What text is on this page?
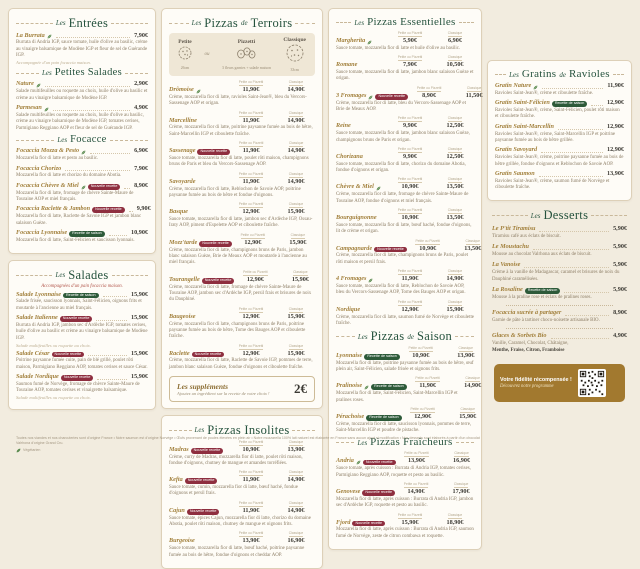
Les Entrées
La Burrata	7,90€
Burrata di Andria IGP, sauce tomate, huile d'olive au basilic, crème au vinaigre balsamique de Modène IGP et fleur de sel de Guérande IGP.
Accompagnée d'un pain focaccia maison.
Les Petites Salades
Nature	2,90€
Salade multifeuilles ou roquette au choix, huile d'olive au basilic et crème au vinaigre balsamique de Modène IGP.
Parmesan	4,90€
Salade multifeuilles ou roquette au choix, huile d'olive au basilic, crème au vinaigre balsamique de Modène IGP, tomates cerises, Parmigiano Reggiano AOP et fleur de sel de Guérande IGP.
Les Focacce
Focaccia Mozza & Pesto	6,90€
Mozzarella fior di latte et pesto au basilic.
Focaccia Chorizo	7,90€
Mozzarella fior di latte et chorizo du domaine Abotia.
Focaccia Chèvre & Miel	Nouvelle recette	8,90€
Mozzarella fior di latte, fromage de chèvre Sainte-Maure de Touraine AOP et miel français.
Focaccia Raclette & Jambon	Nouvelle recette	9,90€
Mozzarella fior di latte, Raclette de Savoie IGP et jambon blanc salaison Guèze.
Focaccia Lyonnaise	Recette de saison	10,90€
Mozzarella fior di latte, Saint-Félicien et saucisson lyonnais.
Les Salades
Accompagnées d'un pain focaccia maison.
Salade Lyonnaise	Recette de saison	15,90€
Salade frisée, saucisson lyonnais, Saint-Félicien, oignons frits et moutarde à l'ancienne au miel français.
Salade Italienne	Nouvelle recette	15,90€
Burrata di Andria IGP, jambon sec d'Ardèche IGP, tomates cerises, huile d'olive au basilic et crème au vinaigre balsamique de Modène IGP.
Salade multifeuilles ou roquette au choix.
Salade César	Nouvelle recette	15,90€
Poitrine paysanne fumée cuite, pain de blé grillé, poulet rôti maison, Parmigiano Reggiano AOP, tomates cerises et sauce César.
Salade Nordique	Nouvelle recette	15,90€
Saumon fumé de Norvège, fromage de chèvre Sainte-Maure de Touraine AOP, tomates cerises et vinaigrette balsamique.
Salade multifeuilles ou roquette au choix.
Les Pizzas de Terroirs
Petite
26cm
ou
Pizzetti
3 fleurs garnies + salade maison
Classique
33cm
Drômoise
Petite ou Pizzetti
11,90€
Classique
14,90€
Crème, mozzarella fior di latte, ravioles Saint-Jean®, bleu du Vercors-Sassenage AOP et origan.
Marcelline
Petite ou Pizzetti
11,90€
Classique
14,90€
Crème, mozzarella fior di latte, poitrine paysanne fumée au bois de hêtre, Saint-Marcellin IGP et ciboulette fraîche.
Sassenage	Nouvelle recette
Petite ou Pizzetti
11,90€
Classique
14,90€
Sauce tomate, mozzarella fior di latte, poulet rôti maison, champignons bruns de Paris et bleu du Vercors-Sassenage AOP.
Savoyarde
Petite ou Pizzetti
11,90€
Classique
14,90€
Crème, mozzarella fior di latte, Reblochon de Savoie AOP, poitrine paysanne fumée au bois de hêtre et fondue d'oignons.
Basque
Petite ou Pizzetti
12,90€
Classique
15,90€
Sauce tomate, mozzarella fior di latte, jambon sec d'Ardèche IGP, Ossau-Iraty AOP, piment d'Espelette AOP et ciboulette fraîche.
Mozz'tarde	Nouvelle recette
Petite ou Pizzetti
12,90€
Classique
15,90€
Crème, mozzarella fior di latte, champignons bruns de Paris, jambon blanc salaison Guèze, Brie de Meaux AOP et moutarde à l'ancienne au miel français.
Tourangelle	Nouvelle recette
Petite ou Pizzetti
12,90€
Classique
15,90€
Crème, mozzarella fior di latte, fromage de chèvre Sainte-Maure de Touraine AOP, jambon sec d'Ardèche IGP, persil frais et brisures de noix du Dauphiné.
Baugeoise
Petite ou Pizzetti
12,90€
Classique
15,90€
Crème, mozzarella fior di latte, champignons bruns de Paris, poitrine paysanne fumée au bois de hêtre, Tome des Bauges AOP et ciboulette fraîche.
Raclette	Nouvelle recette
Petite ou Pizzetti
12,90€
Classique
15,90€
Crème, mozzarella fior di latte, Raclette de Savoie IGP, pommes de terre, jambon blanc salaison Guèze, fondue d'oignons et ciboulette fraîche.
Les suppléments
Ajoutez un ingrédient sur la recette de votre choix ! 2€
Les Pizzas Insolites
Madras	Nouvelle recette
Petite ou Pizzetti
10,90€
Classique
13,90€
Crème, curry de Madras, mozzarella fior di latte, poulet rôti maison, fondue d'oignons, chutney de mangue et amandes torréfiées.
Kefta	Nouvelle recette
Petite ou Pizzetti
11,90€
Classique
14,90€
Sauce tomate, cumin, mozzarella fior di latte, bœuf haché, fondue d'oignons et persil frais.
Cajun	Nouvelle recette
Petite ou Pizzetti
11,90€
Classique
14,90€
Sauce tomate, épices Cajun, mozzarella fior di latte, chorizo du domaine Abotia, poulet rôti maison, chutney de mangue et oignons frits.
Burgeoise
Petite ou Pizzetti
13,90€
Classique
16,90€
Sauce tomate, mozzarella fior di latte, bœuf haché, poitrine paysanne fumée au bois de hêtre, fondue d'oignons et cheddar AOP.
Les Pizzas Essentielles
Margherita
Petite ou Pizzetti
5,90€
Classique
6,90€
Sauce tomate, mozzarella fior di latte et huile d'olive au basilic.
Romane
Petite ou Pizzetti
7,90€
Classique
10,50€
Sauce tomate, mozzarella fior di latte, jambon blanc salaison Guèze et origan.
3 Fromages	Nouvelle recette
Petite ou Pizzetti
8,90€
Classique
11,50€
Crème, mozzarella fior di latte, bleu du Vercors-Sassenage AOP et Brie de Meaux AOP.
Reine
Petite ou Pizzetti
9,90€
Classique
12,50€
Sauce tomate, mozzarella fior di latte, jambon blanc salaison Guèze, champignons bruns de Paris et origan.
Chorizana
Petite ou Pizzetti
9,90€
Classique
12,50€
Sauce tomate, mozzarella fior di latte, chorizo du domaine Abotia, fondue d'oignons et origan.
Chèvre & Miel
Petite ou Pizzetti
10,90€
Classique
13,50€
Crème, mozzarella fior di latte, fromage de chèvre Sainte-Maure de Touraine AOP, fondue d'oignons et miel français.
Bourguignonne
Petite ou Pizzetti
10,90€
Classique
13,50€
Sauce tomate, mozzarella fior di latte, bœuf haché, fondue d'oignons, lit de crème et origan.
Campagnarde	Nouvelle recette
Petite ou Pizzetti
10,90€
Classique
13,50€
Crème, mozzarella fior di latte, champignons bruns de Paris, poulet rôti maison et persil frais.
4 Fromages
Petite ou Pizzetti
11,90€
Classique
14,90€
Sauce tomate, mozzarella fior di latte, Reblochon de Savoie AOP, bleu du Vercors-Sassenage AOP, Tome des Bauges AOP et origan.
Nordique
Petite ou Pizzetti
12,90€
Classique
15,90€
Crème, mozzarella fior di latte, saumon fumé de Norvège et ciboulette fraîche.
Les Pizzas de Saison
Lyonnaise	Recette de saison
Petite ou Pizzetti
10,90€
Classique
13,90€
Mozzarella fior di latte, poitrine paysanne fumée au bois de hêtre, œuf plein air, Saint-Félicien, salade frisée et oignons frits.
Pralinoise	Recette de saison
Petite ou Pizzetti
11,90€
Classique
14,90€
Mozzarella fior di latte, Saint-Félicien, Saint-Marcellin IGP et pralines roses.
Pérachoise	Recette de saison
Petite ou Pizzetti
12,90€
Classique
15,90€
Crème, mozzarella fior di latte, saucisson lyonnais, pommes de terre, Saint-Marcellin IGP et poudre de pistache.
Les Pizzas Fraîcheurs
Andria	Nouvelle recette
Petite ou Pizzetti
13,90€
Classique
16,90€
Sauce tomate, après cuisson : Burrata di Andria IGP, tomates cerises, Parmigiano Reggiano AOP, roquette et pesto au basilic.
Genovese	Nouvelle recette
Petite ou Pizzetti
14,90€
Classique
17,90€
Mozzarella fior di latte, après cuisson : Burrata di Andria IGP, jambon sec d'Ardèche IGP, roquette et pesto au basilic.
Fjord	Nouvelle recette
Petite ou Pizzetti
15,90€
Classique
18,90€
Mozzarella fior di latte, après cuisson : Burrata di Andria IGP, saumon fumé de Norvège, zeste de citron combawa et roquette.
Les Gratins de Ravioles
Gratin Nature	11,90€
Ravioles Saint-Jean®, crème et ciboulette fraîche.
Gratin Saint-Félicien	Recette de saison	12,90€
Ravioles Saint-Jean®, crème, Saint-Félicien, poulet rôti maison et ciboulette fraîche.
Gratin Saint-Marcellin	12,90€
Ravioles Saint-Jean®, crème, Saint-Marcellin IGP et poitrine paysanne fumée au bois de hêtre grillée.
Gratin Savoyard	12,90€
Ravioles Saint-Jean®, crème, poitrine paysanne fumée au bois de hêtre grillée, fondue d'oignons et Reblochon de Savoie AOP.
Gratin Saumon	13,90€
Ravioles Saint-Jean®, crème, saumon fumé de Norvège et ciboulette fraîche.
Les Desserts
Le P'tit Tiramisu	5,90€
Tiramisu café aux éclats de biscuit.
Le Moustachu	5,90€
Mousse au chocolat Valrhona aux éclats de biscuit.
La Vanoise	5,90€
Crème à la vanille de Madagascar, caramel et brisures de noix du Dauphiné caramélisées.
La Rosaline	Recette de saison	5,90€
Mousse à la praline rose et éclats de pralines roses.
Focaccia sucrée à partager	8,90€
Garnie de pâte à tartiner choco-noisette artisanale BIO.
Glaces & Sorbets Bio	4,90€
Vanille, Caramel, Chocolat, Châtaigne,
Menthe, Fraise, Citron, Framboise
Votre fidélité récompensée !
Découvrez notre programme
Toutes nos viandes et nos charcuteries sont d'origine France • Notre saumon est d'origine Norvège • Œufs provenant de poules élevées en plein air • Notre mozzarella 100% lait naturel est élaborée en France sans aucun ajout ni modification • Nos desserts sont élaborés à partir d'un chocolat Valrhona d'origine Grand Cru.
Végétarien
